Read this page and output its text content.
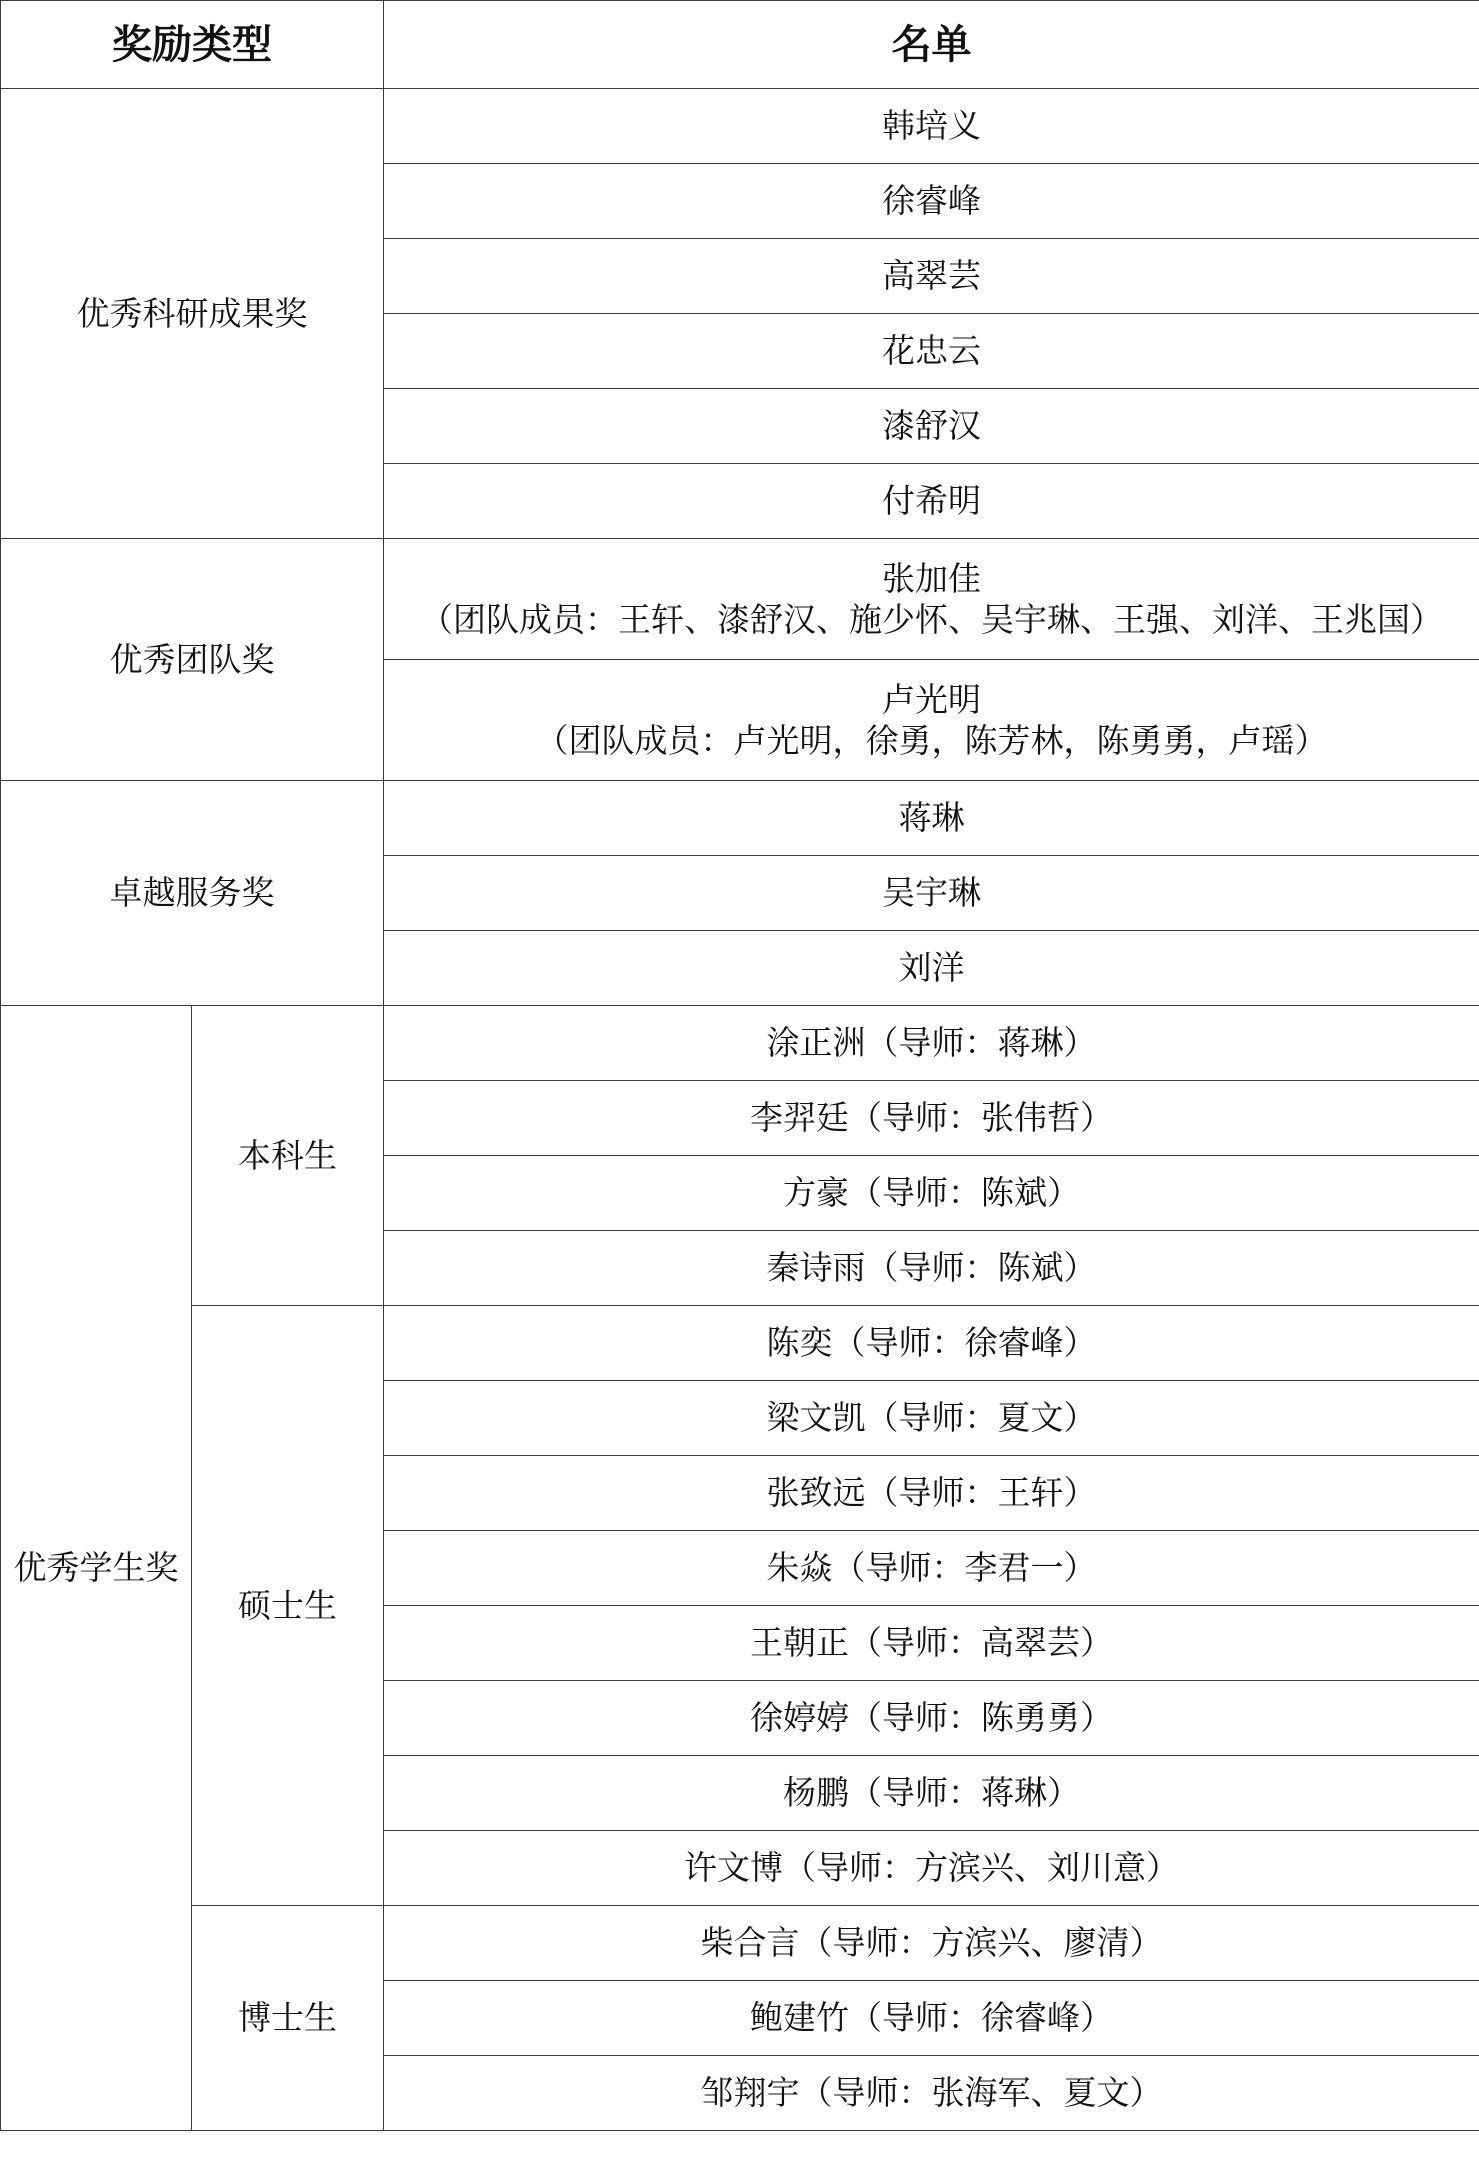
奖励类型		名单
优秀科研成果奖		韩培义
		徐睿峰
		高翠芸
		花忠云
		漆舒汉
		付希明
优秀团队奖		张加佳
（团队成员：王轩、漆舒汉、施少怀、吴宇琳、王强、刘洋、王兆国）

		卢光明
（团队成员：卢光明，徐勇，陈芳林，陈勇勇，卢瑶）

卓越服务奖		蒋琳
		吴宇琳
		刘洋
优秀学生奖	本科生	涂正洲（导师：蒋琳）
		李羿廷（导师：张伟哲）
		方豪（导师：陈斌）
		秦诗雨（导师：陈斌）
	硕士生	陈奕（导师：徐睿峰）
		梁文凯（导师：夏文）
		张致远（导师：王轩）
		朱焱（导师：李君一）
		王朝正（导师：高翠芸）
		徐婷婷（导师：陈勇勇）
		杨鹏（导师：蒋琳）
		许文博（导师：方滨兴、刘川意）
	博士生	柴合言（导师：方滨兴、廖清）
		鲍建竹（导师：徐睿峰）
		邹翔宇（导师：张海军、夏文）
